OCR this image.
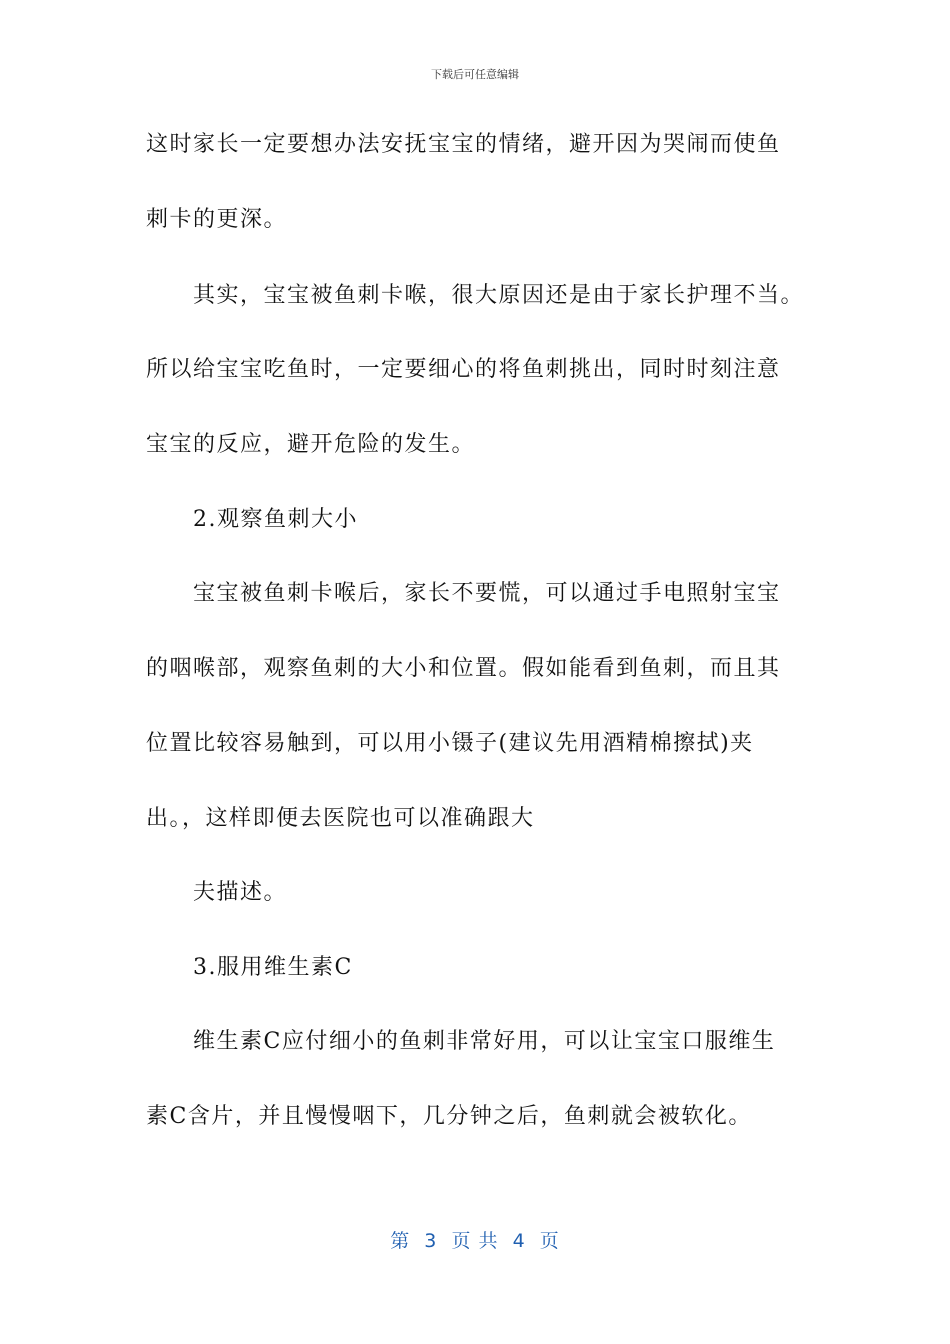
下载后可任意编辑
这时家长一定要想办法安抚宝宝的情绪，避开因为哭闹而使鱼
刺卡的更深。
其实，宝宝被鱼刺卡喉，很大原因还是由于家长护理不当。
所以给宝宝吃鱼时，一定要细心的将鱼刺挑出，同时时刻注意
宝宝的反应，避开危险的发生。
2.观察鱼刺大小
宝宝被鱼刺卡喉后，家长不要慌，可以通过手电照射宝宝
的咽喉部，观察鱼刺的大小和位置。假如能看到鱼刺，而且其
位置比较容易触到，可以用小镊子(建议先用酒精棉擦拭)夹
出。，这样即便去医院也可以准确跟大
夫描述。
3.服用维生素C
维生素C应付细小的鱼刺非常好用，可以让宝宝口服维生
素C含片，并且慢慢咽下，几分钟之后，鱼刺就会被软化。
第  3  页 共  4  页
